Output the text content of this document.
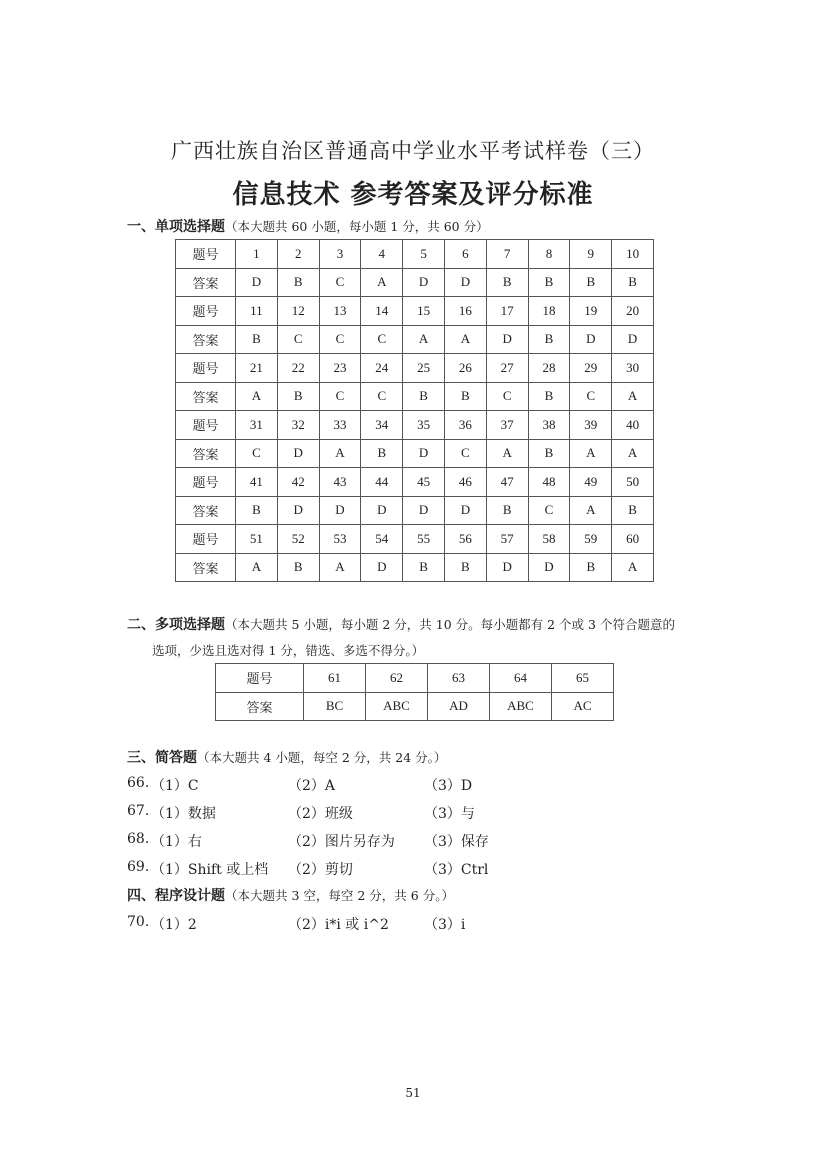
广西壮族自治区普通高中学业水平考试样卷（三）
信息技术 参考答案及评分标准
一、单项选择题（本大题共 60 小题，每小题 1 分，共 60 分）
题号	1	2	3	4	5	6	7	8	9	10
答案	D	B	C	A	D	D	B	B	B	B
题号	11	12	13	14	15	16	17	18	19	20
答案	B	C	C	C	A	A	D	B	D	D
题号	21	22	23	24	25	26	27	28	29	30
答案	A	B	C	C	B	B	C	B	C	A
题号	31	32	33	34	35	36	37	38	39	40
答案	C	D	A	B	D	C	A	B	A	A
题号	41	42	43	44	45	46	47	48	49	50
答案	B	D	D	D	D	D	B	C	A	B
题号	51	52	53	54	55	56	57	58	59	60
答案	A	B	A	D	B	B	D	D	B	A
二、多项选择题（本大题共 5 小题，每小题 2 分，共 10 分。每小题都有 2 个或 3 个符合题意的
选项，少选且选对得 1 分，错选、多选不得分。）
题号	61	62	63	64	65
答案	BC	ABC	AD	ABC	AC
三、简答题（本大题共 4 小题，每空 2 分，共 24 分。）
66. （1）C	（2）A	（3）D
67. （1）数据	（2）班级	（3）与
68. （1）右	（2）图片另存为 （3）保存
69. （1）Shift 或上档 （2）剪切	（3）Ctrl
四、程序设计题（本大题共 3 空，每空 2 分，共 6 分。）
70. （1）2	（2）i*i 或 i^2	（3）i
51
